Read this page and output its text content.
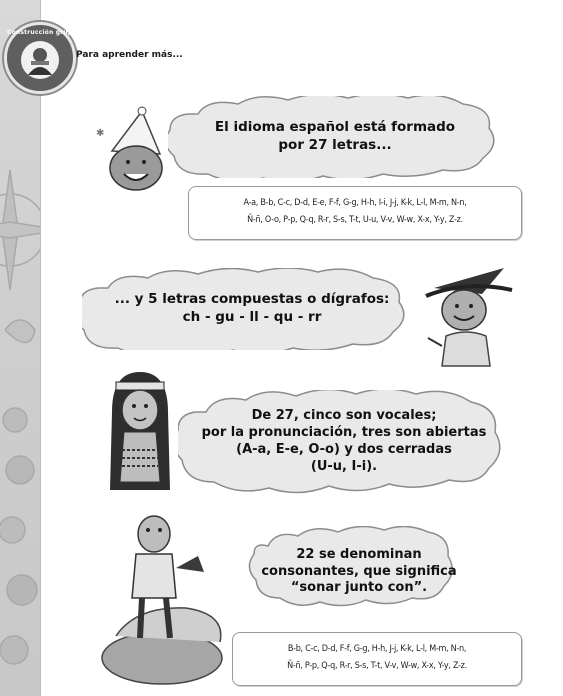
Construcción grupal
Para aprender más...
✱	El idioma español está formado
por 27 letras...
A-a, B-b, C-c, D-d, E-e, F-f, G-g, H-h, I-i, J-j, K-k, L-l, M-m, N-n,
Ñ-ñ, O-o, P-p, Q-q, R-r, S-s, T-t, U-u, V-v, W-w, X-x, Y-y, Z-z.
... y 5 letras compuestas o dígrafos:
ch - gu - ll - qu - rr
De 27, cinco son vocales;
por la pronunciación, tres son abiertas
(A-a, E-e, O-o) y dos cerradas
(U-u, I-i).
22 se denominan
consonantes, que significa
“sonar junto con”.
B-b, C-c, D-d, F-f, G-g, H-h, J-j, K-k, L-l, M-m, N-n,
Ñ-ñ, P-p, Q-q, R-r, S-s, T-t, V-v, W-w, X-x, Y-y, Z-z.
